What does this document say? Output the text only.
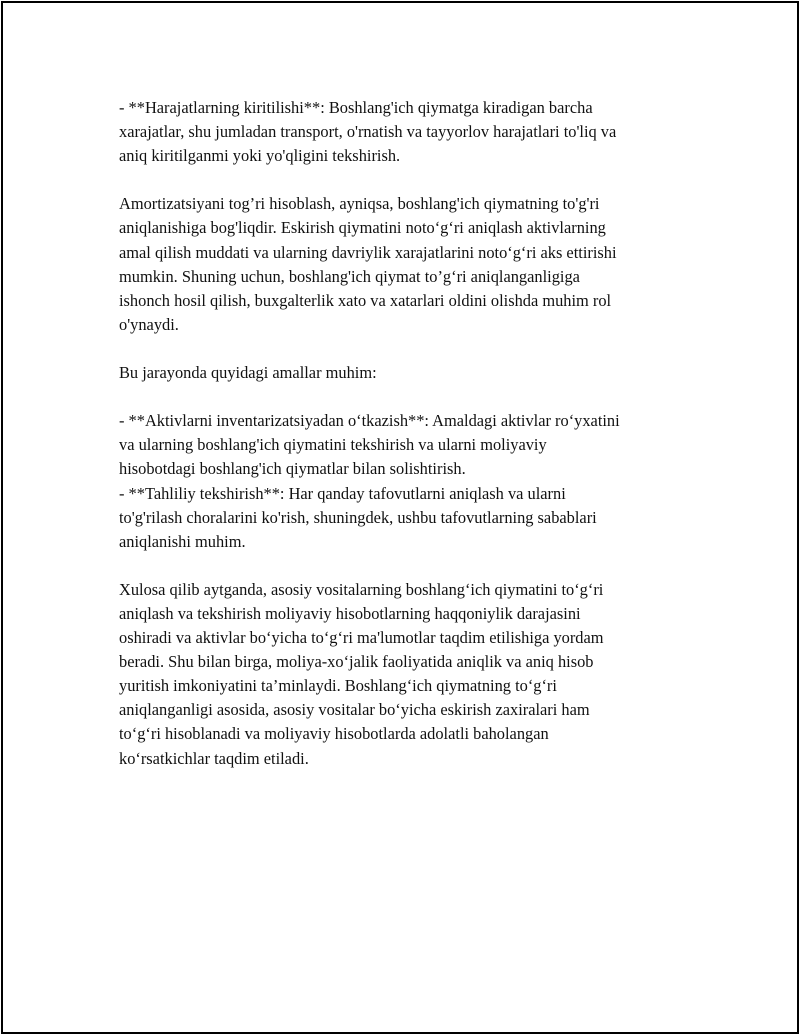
- **Harajatlarning kiritilishi**: Boshlang'ich qiymatga kiradigan barcha
xarajatlar, shu jumladan transport, o'rnatish va tayyorlov harajatlari to'liq va
aniq kiritilganmi yoki yo'qligini tekshirish.

Amortizatsiyani tog’ri hisoblash, ayniqsa, boshlang'ich qiymatning to'g'ri
aniqlanishiga bog'liqdir. Eskirish qiymatini noto‘g‘ri aniqlash aktivlarning
amal qilish muddati va ularning davriylik xarajatlarini noto‘g‘ri aks ettirishi
mumkin. Shuning uchun, boshlang'ich qiymat to’g‘ri aniqlanganligiga
ishonch hosil qilish, buxgalterlik xato va xatarlari oldini olishda muhim rol
o'ynaydi.

Bu jarayonda quyidagi amallar muhim:

- **Aktivlarni inventarizatsiyadan o‘tkazish**: Amaldagi aktivlar ro‘yxatini
va ularning boshlang'ich qiymatini tekshirish va ularni moliyaviy
hisobotdagi boshlang'ich qiymatlar bilan solishtirish.

- **Tahliliy tekshirish**: Har qanday tafovutlarni aniqlash va ularni
to'g'rilash choralarini ko'rish, shuningdek, ushbu tafovutlarning sabablari
aniqlanishi muhim.

Xulosa qilib aytganda, asosiy vositalarning boshlang‘ich qiymatini to‘g‘ri
aniqlash va tekshirish moliyaviy hisobotlarning haqqoniylik darajasini
oshiradi va aktivlar bo‘yicha to‘g‘ri ma'lumotlar taqdim etilishiga yordam
beradi. Shu bilan birga, moliya-xo‘jalik faoliyatida aniqlik va aniq hisob
yuritish imkoniyatini ta’minlaydi. Boshlang‘ich qiymatning to‘g‘ri
aniqlanganligi asosida, asosiy vositalar bo‘yicha eskirish zaxiralari ham
to‘g‘ri hisoblanadi va moliyaviy hisobotlarda adolatli baholangan
ko‘rsatkichlar taqdim etiladi.
